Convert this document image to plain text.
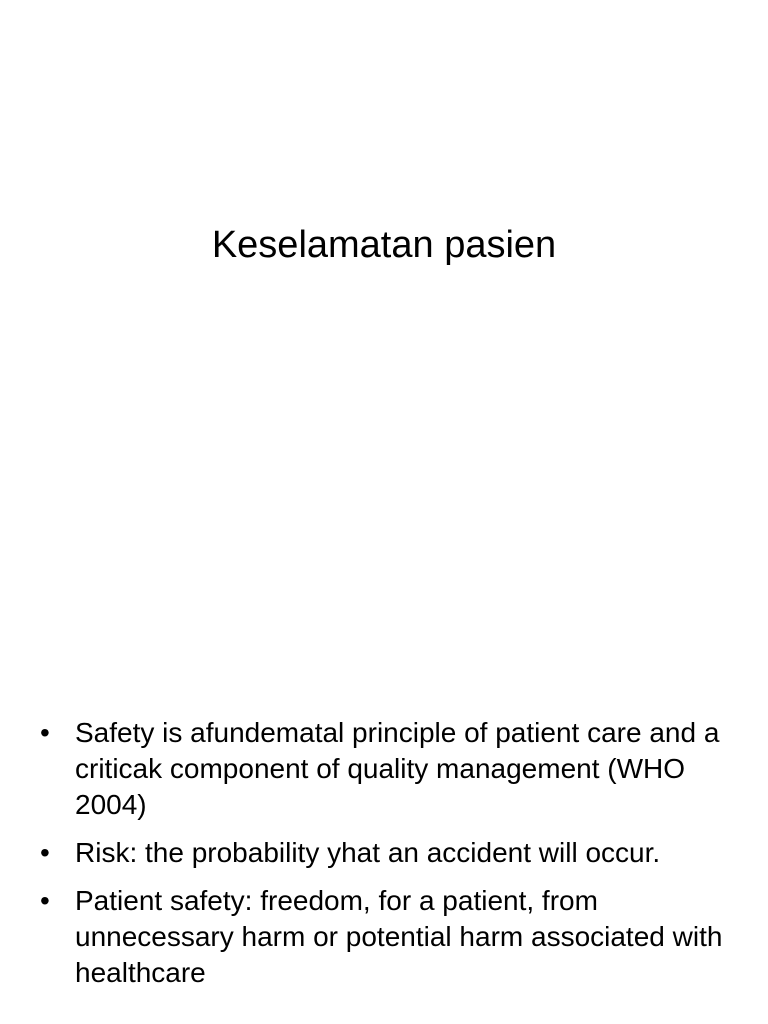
Keselamatan pasien
• Safety is afundematal principle of patient care and a criticak component of quality management (WHO 2004)
• Risk: the probability yhat an accident will occur.
• Patient safety: freedom, for a patient, from unnecessary harm or potential harm associated with healthcare
